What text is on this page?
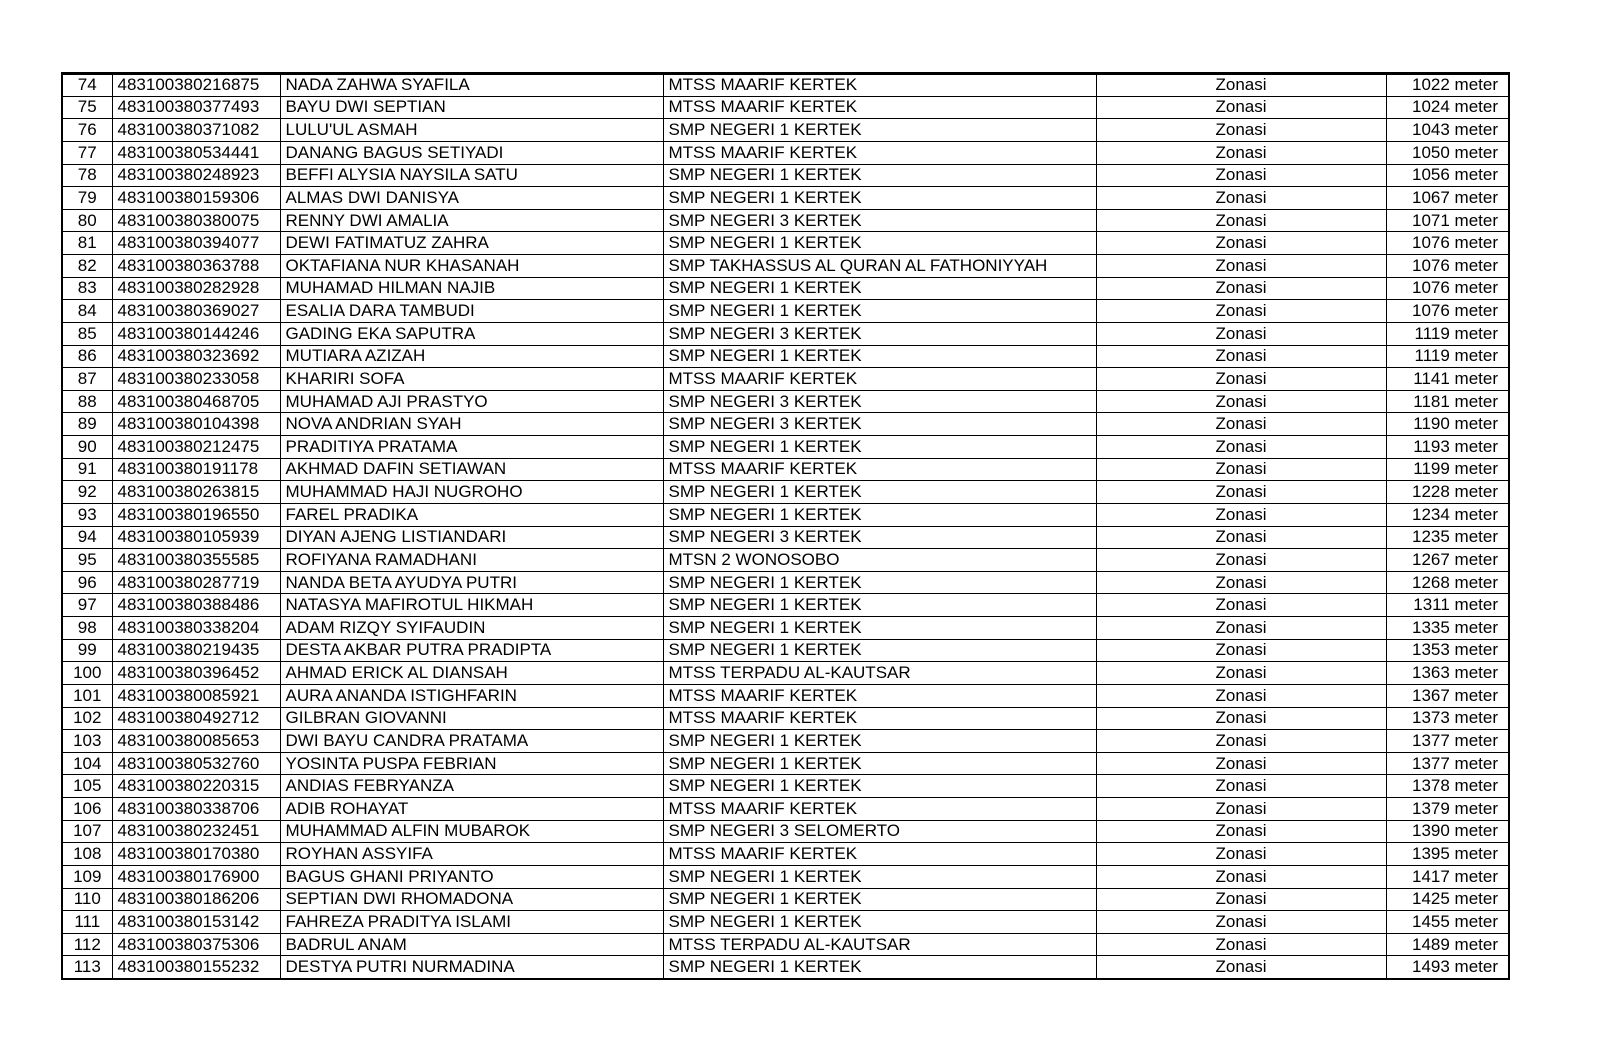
74	483100380216875	NADA ZAHWA SYAFILA	MTSS MAARIF KERTEK	Zonasi	1022 meter
75	483100380377493	BAYU DWI SEPTIAN	MTSS MAARIF KERTEK	Zonasi	1024 meter
76	483100380371082	LULU'UL ASMAH	SMP NEGERI 1 KERTEK	Zonasi	1043 meter
77	483100380534441	DANANG BAGUS SETIYADI	MTSS MAARIF KERTEK	Zonasi	1050 meter
78	483100380248923	BEFFI ALYSIA NAYSILA SATU	SMP NEGERI 1 KERTEK	Zonasi	1056 meter
79	483100380159306	ALMAS DWI DANISYA	SMP NEGERI 1 KERTEK	Zonasi	1067 meter
80	483100380380075	RENNY DWI AMALIA	SMP NEGERI 3 KERTEK	Zonasi	1071 meter
81	483100380394077	DEWI FATIMATUZ ZAHRA	SMP NEGERI 1 KERTEK	Zonasi	1076 meter
82	483100380363788	OKTAFIANA NUR KHASANAH	SMP TAKHASSUS AL QURAN AL FATHONIYYAH	Zonasi	1076 meter
83	483100380282928	MUHAMAD HILMAN NAJIB	SMP NEGERI 1 KERTEK	Zonasi	1076 meter
84	483100380369027	ESALIA DARA TAMBUDI	SMP NEGERI 1 KERTEK	Zonasi	1076 meter
85	483100380144246	GADING EKA SAPUTRA	SMP NEGERI 3 KERTEK	Zonasi	1119 meter
86	483100380323692	MUTIARA AZIZAH	SMP NEGERI 1 KERTEK	Zonasi	1119 meter
87	483100380233058	KHARIRI SOFA	MTSS MAARIF KERTEK	Zonasi	1141 meter
88	483100380468705	MUHAMAD AJI PRASTYO	SMP NEGERI 3 KERTEK	Zonasi	1181 meter
89	483100380104398	NOVA ANDRIAN SYAH	SMP NEGERI 3 KERTEK	Zonasi	1190 meter
90	483100380212475	PRADITIYA PRATAMA	SMP NEGERI 1 KERTEK	Zonasi	1193 meter
91	483100380191178	AKHMAD DAFIN SETIAWAN	MTSS MAARIF KERTEK	Zonasi	1199 meter
92	483100380263815	MUHAMMAD HAJI NUGROHO	SMP NEGERI 1 KERTEK	Zonasi	1228 meter
93	483100380196550	FAREL PRADIKA	SMP NEGERI 1 KERTEK	Zonasi	1234 meter
94	483100380105939	DIYAN AJENG LISTIANDARI	SMP NEGERI 3 KERTEK	Zonasi	1235 meter
95	483100380355585	ROFIYANA RAMADHANI	MTSN 2 WONOSOBO	Zonasi	1267 meter
96	483100380287719	NANDA BETA AYUDYA PUTRI	SMP NEGERI 1 KERTEK	Zonasi	1268 meter
97	483100380388486	NATASYA MAFIROTUL HIKMAH	SMP NEGERI 1 KERTEK	Zonasi	1311 meter
98	483100380338204	ADAM RIZQY SYIFAUDIN	SMP NEGERI 1 KERTEK	Zonasi	1335 meter
99	483100380219435	DESTA AKBAR PUTRA PRADIPTA	SMP NEGERI 1 KERTEK	Zonasi	1353 meter
100	483100380396452	AHMAD ERICK AL DIANSAH	MTSS TERPADU AL-KAUTSAR	Zonasi	1363 meter
101	483100380085921	AURA ANANDA ISTIGHFARIN	MTSS MAARIF KERTEK	Zonasi	1367 meter
102	483100380492712	GILBRAN GIOVANNI	MTSS MAARIF KERTEK	Zonasi	1373 meter
103	483100380085653	DWI BAYU CANDRA PRATAMA	SMP NEGERI 1 KERTEK	Zonasi	1377 meter
104	483100380532760	YOSINTA PUSPA FEBRIAN	SMP NEGERI 1 KERTEK	Zonasi	1377 meter
105	483100380220315	ANDIAS FEBRYANZA	SMP NEGERI 1 KERTEK	Zonasi	1378 meter
106	483100380338706	ADIB ROHAYAT	MTSS MAARIF KERTEK	Zonasi	1379 meter
107	483100380232451	MUHAMMAD ALFIN MUBAROK	SMP NEGERI 3 SELOMERTO	Zonasi	1390 meter
108	483100380170380	ROYHAN ASSYIFA	MTSS MAARIF KERTEK	Zonasi	1395 meter
109	483100380176900	BAGUS GHANI PRIYANTO	SMP NEGERI 1 KERTEK	Zonasi	1417 meter
110	483100380186206	SEPTIAN DWI RHOMADONA	SMP NEGERI 1 KERTEK	Zonasi	1425 meter
111	483100380153142	FAHREZA PRADITYA ISLAMI	SMP NEGERI 1 KERTEK	Zonasi	1455 meter
112	483100380375306	BADRUL ANAM	MTSS TERPADU AL-KAUTSAR	Zonasi	1489 meter
113	483100380155232	DESTYA PUTRI NURMADINA	SMP NEGERI 1 KERTEK	Zonasi	1493 meter
